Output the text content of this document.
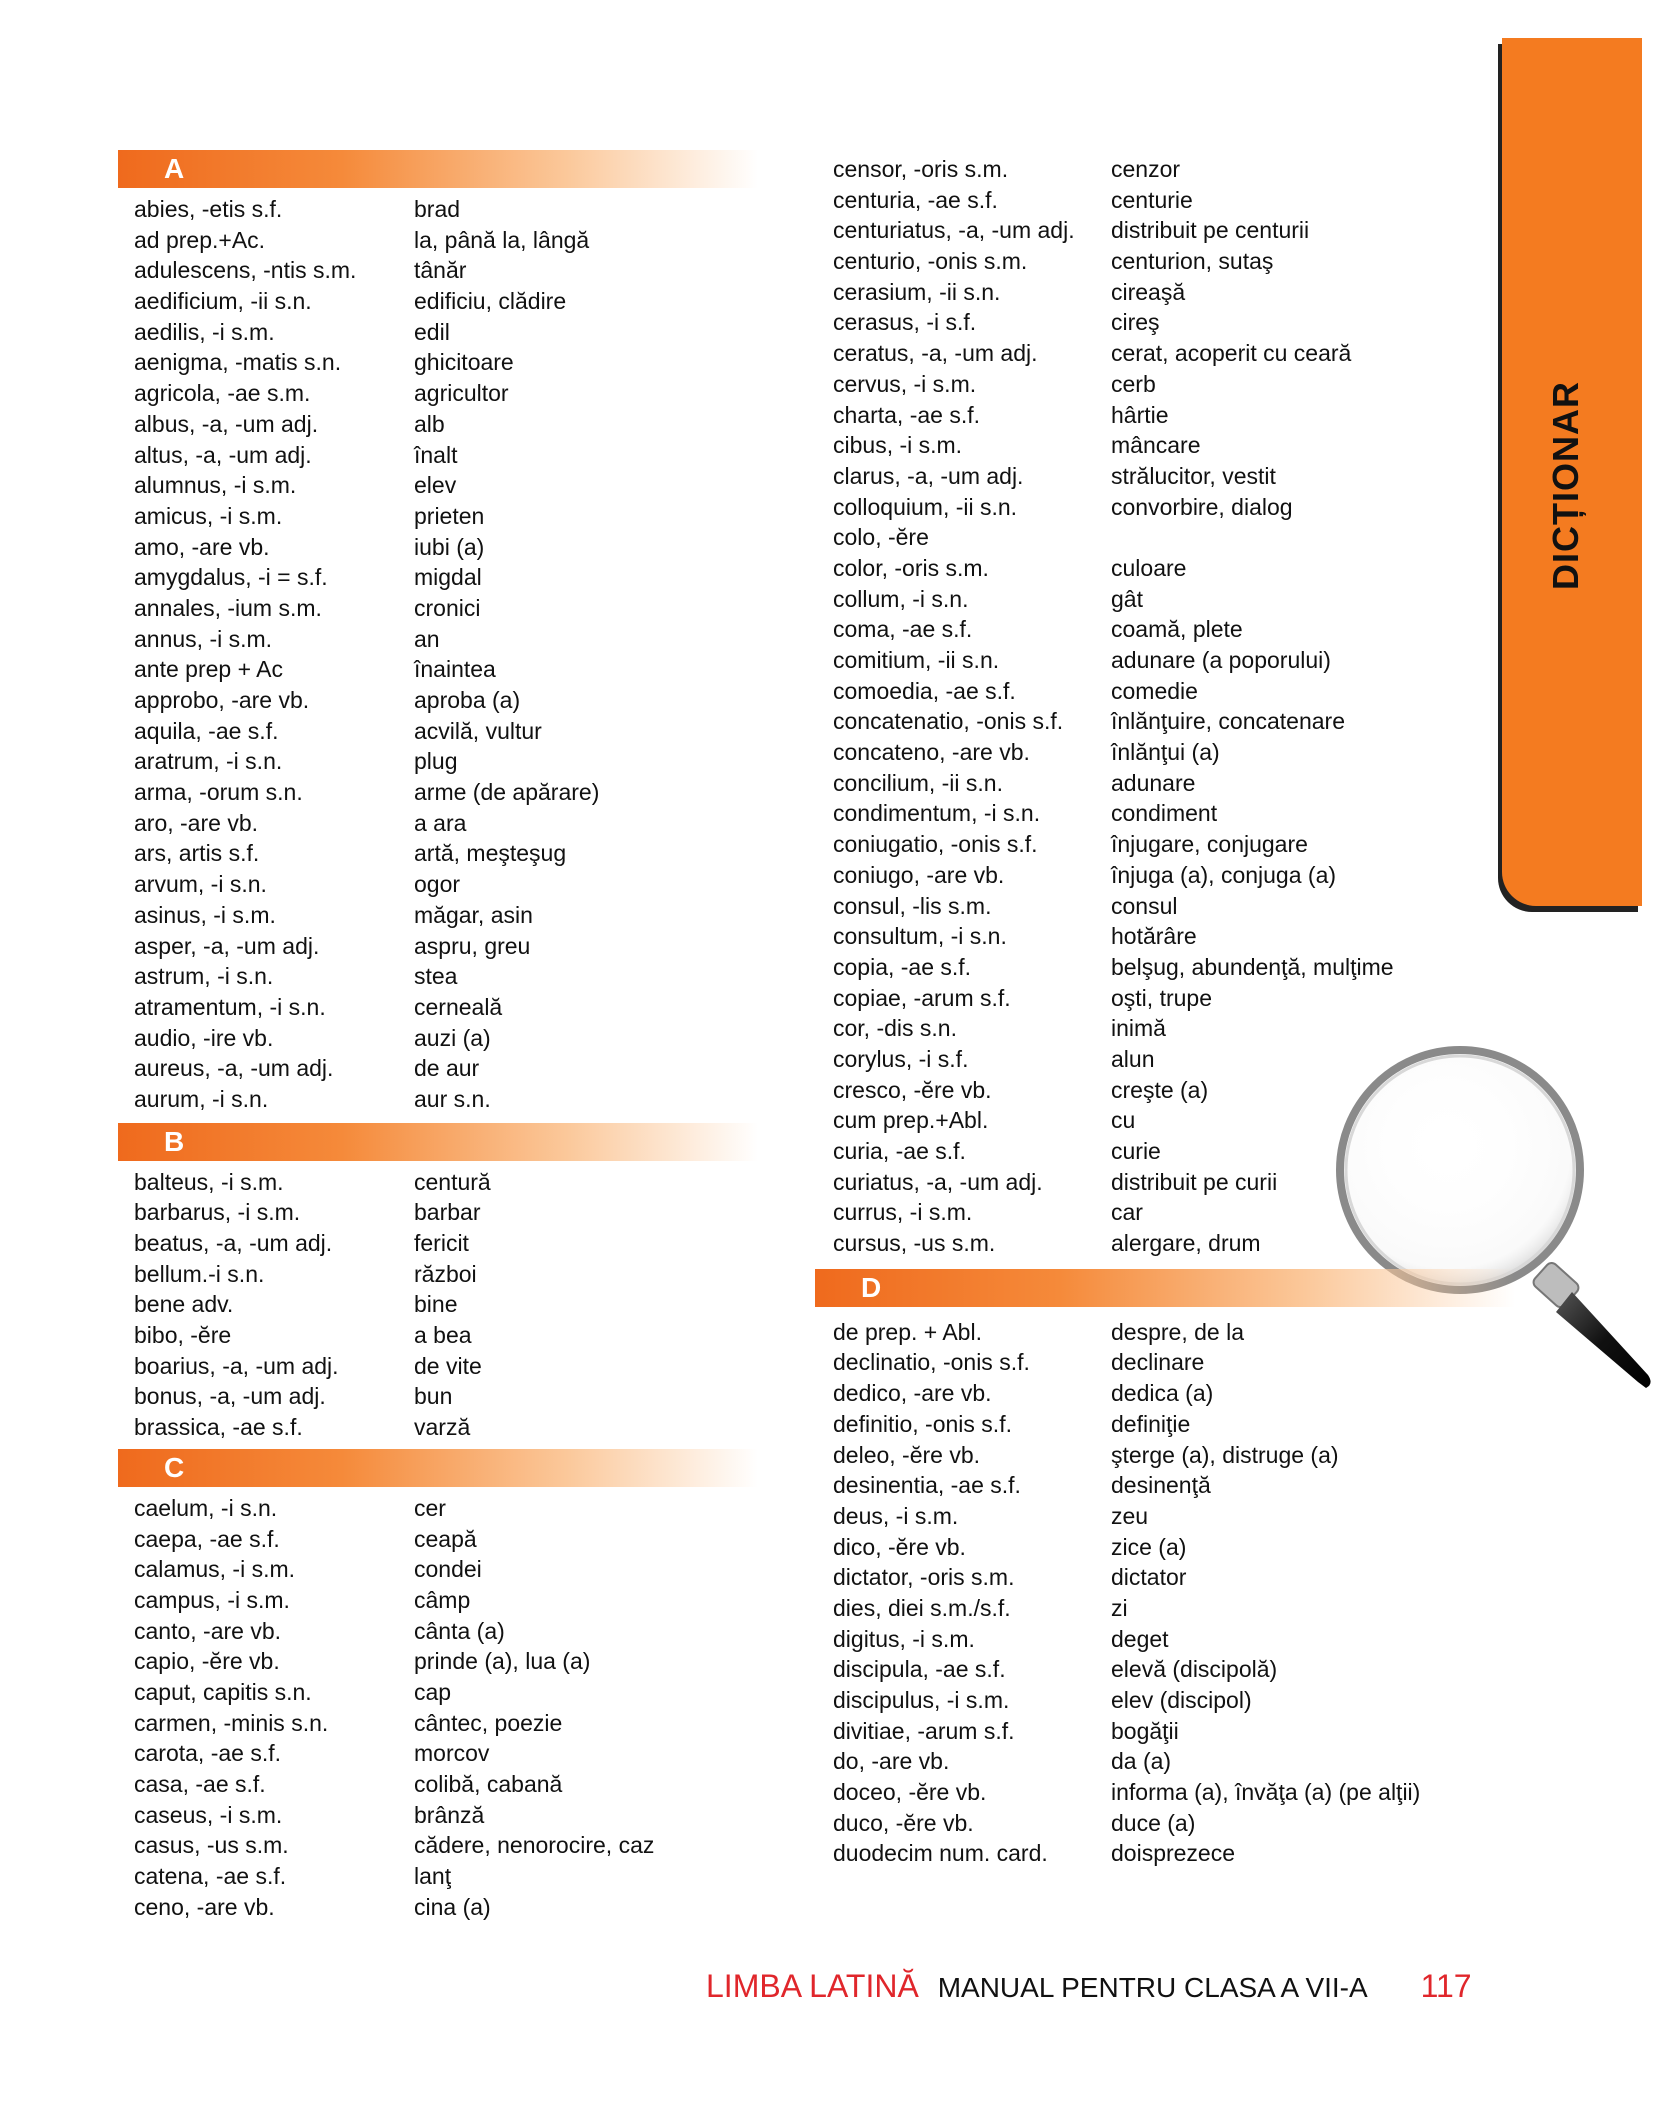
DICȚIONAR
A
abies, -etis s.f.	brad
ad prep.+Ac.	la, până la, lângă
adulescens, -ntis s.m.	tânăr
aedificium, -ii s.n.	edificiu, clădire
aedilis, -i s.m.	edil
aenigma, -matis s.n.	ghicitoare
agricola, -ae s.m.	agricultor
albus, -a, -um adj.	alb
altus, -a, -um adj.	înalt
alumnus, -i s.m.	elev
amicus, -i s.m.	prieten
amo, -are vb.	iubi (a)
amygdalus, -i = s.f.	migdal
annales, -ium s.m.	cronici
annus, -i s.m.	an
ante prep + Ac	înaintea
approbo, -are vb.	aproba (a)
aquila, -ae s.f.	acvilă, vultur
aratrum, -i s.n.	plug
arma, -orum s.n.	arme (de apărare)
aro, -are vb.	a ara
ars, artis s.f.	artă, meşteşug
arvum, -i s.n.	ogor
asinus, -i s.m.	măgar, asin
asper, -a, -um adj.	aspru, greu
astrum, -i s.n.	stea
atramentum, -i s.n.	cerneală
audio, -ire vb.	auzi (a)
aureus, -a, -um adj.	de aur
aurum, -i s.n.	aur s.n.
B
balteus, -i s.m.	centură
barbarus, -i s.m.	barbar
beatus, -a, -um adj.	fericit
bellum.-i s.n.	război
bene adv.	bine
bibo, -ĕre	a bea
boarius, -a, -um adj.	de vite
bonus, -a, -um adj.	bun
brassica, -ae s.f.	varză
C
caelum, -i s.n.	cer
caepa, -ae s.f.	ceapă
calamus, -i s.m.	condei
campus, -i s.m.	câmp
canto, -are vb.	cânta (a)
capio, -ĕre vb.	prinde (a), lua (a)
caput, capitis s.n.	cap
carmen, -minis s.n.	cântec, poezie
carota, -ae s.f.	morcov
casa, -ae s.f.	colibă, cabană
caseus, -i s.m.	brânză
casus, -us s.m.	cădere, nenorocire, caz
catena, -ae s.f.	lanţ
ceno, -are vb.	cina (a)
censor, -oris s.m.	cenzor
centuria, -ae s.f.	centurie
centuriatus, -a, -um adj.	distribuit pe centurii
centurio, -onis s.m.	centurion, sutaş
cerasium, -ii s.n.	cireaşă
cerasus, -i s.f.	cireş
ceratus, -a, -um adj.	cerat, acoperit cu ceară
cervus, -i s.m.	cerb
charta, -ae s.f.	hârtie
cibus, -i s.m.	mâncare
clarus, -a, -um adj.	strălucitor, vestit
colloquium, -ii s.n.	convorbire, dialog
colo, -ĕre
color, -oris s.m.	culoare
collum, -i s.n.	gât
coma, -ae s.f.	coamă, plete
comitium, -ii s.n.	adunare (a poporului)
comoedia, -ae s.f.	comedie
concatenatio, -onis s.f.	înlănţuire, concatenare
concateno, -are vb.	înlănţui (a)
concilium, -ii s.n.	adunare
condimentum, -i s.n.	condiment
coniugatio, -onis s.f.	înjugare, conjugare
coniugo, -are vb.	înjuga (a), conjuga (a)
consul, -lis s.m.	consul
consultum, -i s.n.	hotărâre
copia, -ae s.f.	belşug, abundenţă, mulţime
copiae, -arum s.f.	oşti, trupe
cor, -dis s.n.	inimă
corylus, -i s.f.	alun
cresco, -ĕre vb.	creşte (a)
cum prep.+Abl.	cu
curia, -ae s.f.	curie
curiatus, -a, -um adj.	distribuit pe curii
currus, -i s.m.	car
cursus, -us s.m.	alergare, drum
D
de prep. + Abl.	despre, de la
declinatio, -onis s.f.	declinare
dedico, -are vb.	dedica (a)
definitio, -onis s.f.	definiţie
deleo, -ĕre vb.	şterge (a), distruge (a)
desinentia, -ae s.f.	desinenţă
deus, -i s.m.	zeu
dico, -ĕre vb.	zice (a)
dictator, -oris s.m.	dictator
dies, diei s.m./s.f.	zi
digitus, -i s.m.	deget
discipula, -ae s.f.	elevă (discipolă)
discipulus, -i s.m.	elev (discipol)
divitiae, -arum s.f.	bogăţii
do, -are vb.	da (a)
doceo, -ĕre vb.	informa (a), învăţa (a) (pe alţii)
duco, -ĕre vb.	duce (a)
duodecim num. card.	doisprezece
LIMBA LATINĂ MANUAL PENTRU CLASA A VII-A 117
